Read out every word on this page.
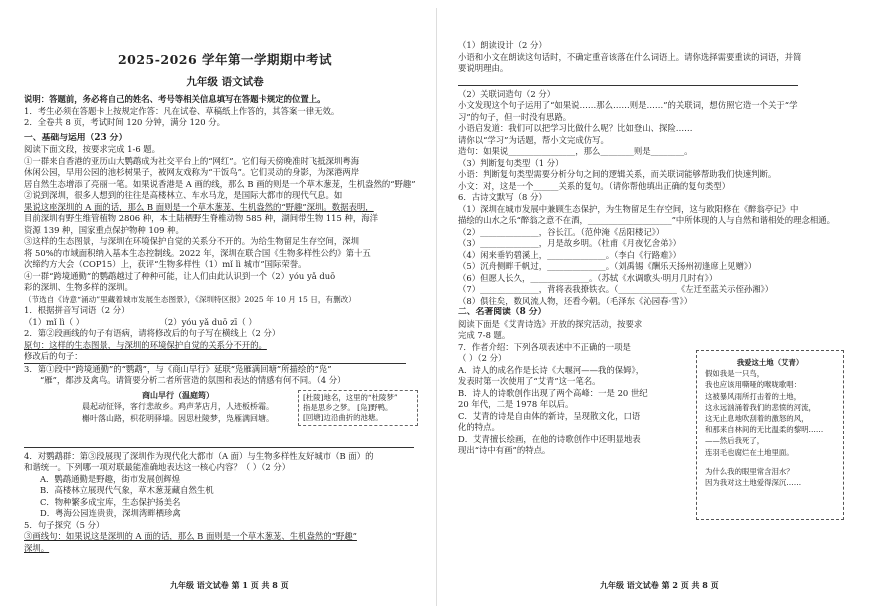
2025-2026 学年第一学期期中考试
九年级 语文试卷
说明：答题前，务必将自己的姓名、考号等相关信息填写在答题卡规定的位置上。
1．考生必须在答题卡上按规定作答：凡在试卷、草稿纸上作答的，其答案一律无效。
2．全卷共 8 页，考试时间 120 分钟，满分 120 分。
一、基础与运用（23 分）
阅读下面文段，按要求完成 1-6 题。
①一群来自香港的亚历山大鹦鹉成为社交平台上的“网红”。它们每天傍晚准时飞抵深圳粤海
休闲公园，早用公园的池杉树果子，被网友戏称为“干饭鸟”。它们灵动的身影，为深港两岸
居自然生态增添了亮丽一笔。如果说香港是 A 画的线，那么 B 画的则是一个草木葱茏，生机盎然的“野趣”
②说到深圳，很多人想到的往往是高楼林立、车水马龙，是国际大都市的现代气息。如
果说这座深圳的 A 面的话，那么 B 面则是一个草木葱茏、生机盎然的“野趣”深圳。数据表明，
目前深圳有野生维管植物 2806 种，本土陆栖野生脊椎动物 585 种，湖间带生物 115 种，海洋
资源 139 种，国家重点保护物种 109 种。
③这样的生态图景，与深圳在环境保护自觉的关系分不开的。为给生物留足生存空间，深圳
将 50%的市域面积纳入基本生态控制线。2022 年，深圳在联合国《生物多样性公约》第十五
次缔约方大会（COP15）上，获评“生物多样性（1）mǐ lì 城市”国际荣誉。
④一群“跨境通勤”的鹦鹉越过了种种可能，让人们由此认识到一个（2）yóu yǎ duō
彩的深圳、生物多样的深圳。
（节选自《诗意“涌动”里藏着城市发展生态图景》，《深圳特区报》2025 年 10 月 15 日，有删改）
1．根据拼音写词语（2 分）
（1）mǐ lì（ ）	（2）yóu yǎ duō zī（ ）
2．第②段画线的句子有语病，请将修改后的句子写在横线上（2 分）
原句：这样的生态图景，与深圳的环境保护自觉的关系分不开的。
修改后的句子：
3．第①段中“跨境通勤”的“鹦鹉”，与《商山早行》延联“凫雁满回塘”所描绘的“凫”
“雁”，都涉及禽鸟。请简要分析二者所营造的氛围和表达的情感有何不同。（4 分）
商山早行（温庭筠）
晨起动征铎，客行悲故乡。鸡声茅店月，人迹板桥霜。
槲叶落山路，枳花明驿墙。因思杜陵梦，凫雁满回塘。
[杜陵]地名，这里的“杜陵梦”
指是思乡之梦。 [凫]野鸭。
[回塘]边沿曲折的池塘。
4．对鹦鹉群：第③段展现了深圳作为现代化大都市（A 面）与生物多样性友好城市（B 面）的
和谐统一。下列哪一项对联最能准确地表达这一核心内容？（ ）（2 分）
A．鹦鹉通勤是野趣，街市发展创辉煌
B．高楼林立展现代气象，草木葱茏藏自然生机
C．物种繁多成宝库，生态保护扬美名
D．粤海公园连贵贵，深圳湾畔栖珍禽
5．句子探究（5 分）
③画线句：如果说这是深圳的 A 面的话，那么 B 面则是一个草木葱茏、生机盎然的“野趣”
深圳。
九年级 语文试卷 第 1 页 共 8 页
（1）朗读设计（2 分）
小语和小文在朗读这句话时，不确定重音该落在什么词语上。请你选择需要重读的词语，并简
要说明理由。
（2）关联词造句（2 分）
小文发现这个句子运用了“如果说……那么……则是……”的关联词，想仿照它造一个关于“学
习”的句子，但一时没有思路。
小语启发道：我们可以把学习比做什么呢？比如登山、探险……
请你以“学习”为话题，帮小文完成仿写。
造句：如果说________________，那么________则是________。
（3）判断复句类型（1 分）
小语：判断复句类型需要分析分句之间的逻辑关系，而关联词能够帮助我们快速判断。
小文：对，这是一个______关系的复句。（请你帮他填出正确的复句类型）
6．古诗文默写（8 分）
（1）深圳在城市发展中兼顾生态保护，为生物留足生存空间，这与欧阳修在《醉翁亭记》中
描绘的山水之乐“醉翁之意不在酒，____________________”中所体现的人与自然和谐相处的理念相通。
（2）______________，谷长江。（范仲淹《岳阳楼记》）
（3）______________，月是故乡明。（杜甫《月夜忆舍弟》）
（4）闲来垂钓碧溪上，______________。（李白《行路难》）
（5）沉舟侧畔千帆过，______________。（刘禹锡《酬乐天扬州初逢席上见赠》）
（6）但愿人长久，______________。（苏轼《水调歌头·明月几时有》）
（7）______________，背将表我撩铁衣。（______________《左迁至蓝关示侄孙湘》）
（8）俱往矣，数风流人物，还看今朝。（毛泽东《沁园春·雪》）
二、名著阅读（8 分）
阅读下面是《艾青诗选》开放的探究活动，按要求
完成 7-8 题。
7．作者介绍：下列各项表述中不正确的一项是
（ ）（2 分）
A．诗人的成名作是长诗《大堰河——我的保姆》，
发表时第一次使用了“艾青”这一笔名。
B．诗人的诗歌创作出现了两个高峰：一是 20 世纪
20 年代，二是 1978 年以后。
C．艾青的诗是自由体的新诗，呈现散文化，口语
化的特点。
D．艾青擅长绘画，在他的诗歌创作中还明显地表
现出“诗中有画”的特点。
我爱这土地（艾青）
假如我是一只鸟，
我也应该用嘶哑的喉咙歌唱：
这被暴风雨所打击着的土地，
这永远汹涌着我们的悲愤的河流，
这无止息地吹刮着的激怒的风，
和那来自林间的无比温柔的黎明……
——然后我死了，
连羽毛也腐烂在土地里面。
为什么我的眼里常含泪水？
因为我对这土地爱得深沉……
九年级 语文试卷 第 2 页 共 8 页
